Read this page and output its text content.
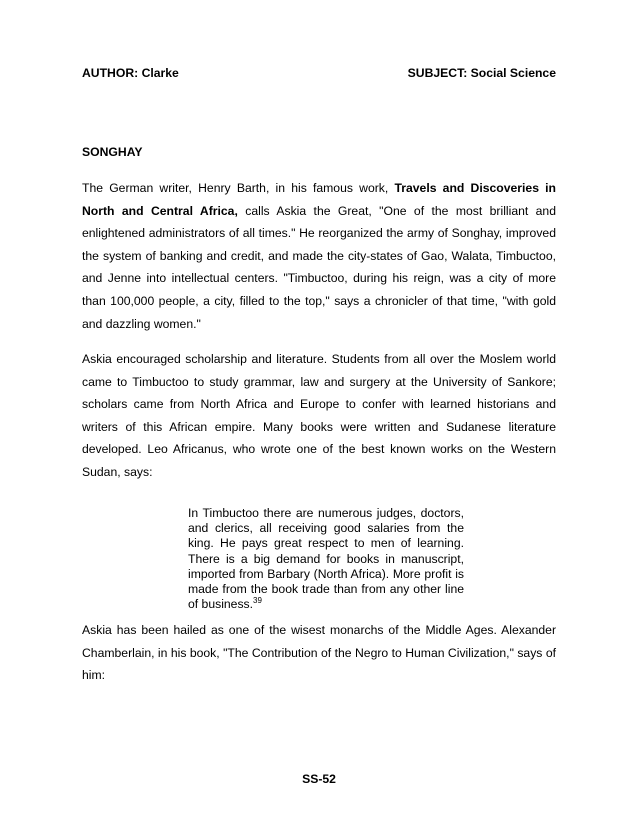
AUTHOR: Clarke	SUBJECT: Social Science
SONGHAY
The German writer, Henry Barth, in his famous work, Travels and Discoveries in North and Central Africa, calls Askia the Great, "One of the most brilliant and enlightened administrators of all times." He reorganized the army of Songhay, improved the system of banking and credit, and made the city-states of Gao, Walata, Timbuctoo, and Jenne into intellectual centers. "Timbuctoo, during his reign, was a city of more than 100,000 people, a city, filled to the top," says a chronicler of that time, "with gold and dazzling women."
Askia encouraged scholarship and literature. Students from all over the Moslem world came to Timbuctoo to study grammar, law and surgery at the University of Sankore; scholars came from North Africa and Europe to confer with learned historians and writers of this African empire. Many books were written and Sudanese literature developed. Leo Africanus, who wrote one of the best known works on the Western Sudan, says:
In Timbuctoo there are numerous judges, doctors, and clerics, all receiving good salaries from the king. He pays great respect to men of learning. There is a big demand for books in manuscript, imported from Barbary (North Africa). More profit is made from the book trade than from any other line of business.$^{39}$
Askia has been hailed as one of the wisest monarchs of the Middle Ages. Alexander Chamberlain, in his book, "The Contribution of the Negro to Human Civilization," says of him:
SS-52
